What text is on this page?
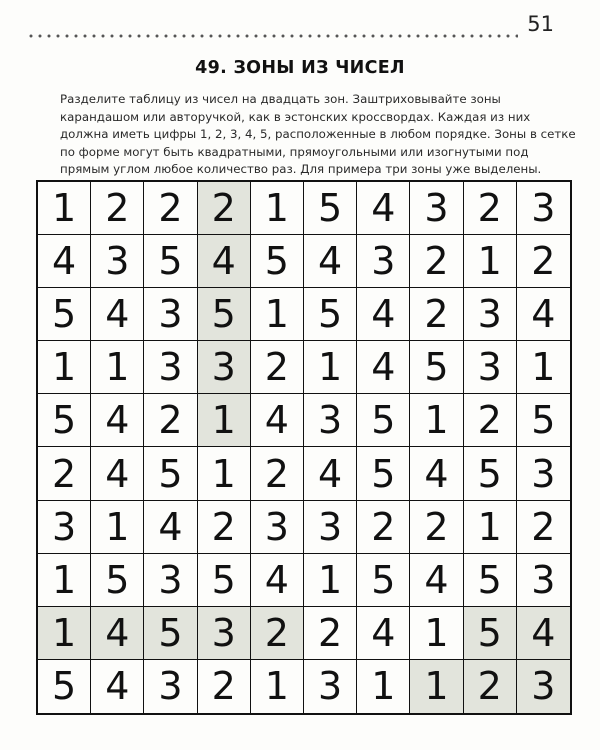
51
49. ЗОНЫ ИЗ ЧИСЕЛ

Разделите таблицу из чисел на двадцать зон. Заштриховывайте зоны карандашом или авторучкой, как в эстонских кроссвордах. Каждая из них должна иметь цифры 1, 2, 3, 4, 5, расположенные в любом порядке. Зоны в сетке по форме могут быть квадратными, прямоугольными или изогнутыми под прямым углом любое количество раз. Для примера три зоны уже выделены.

1 2 2 2 1 5 4 3 2 3
4 3 5 4 5 4 3 2 1 2
5 4 3 5 1 5 4 2 3 4
1 1 3 3 2 1 4 5 3 1
5 4 2 1 4 3 5 1 2 5
2 4 5 1 2 4 5 4 5 3
3 1 4 2 3 3 2 2 1 2
1 5 3 5 4 1 5 4 5 3
1 4 5 3 2 2 4 1 5 4
5 4 3 2 1 3 1 1 2 3
